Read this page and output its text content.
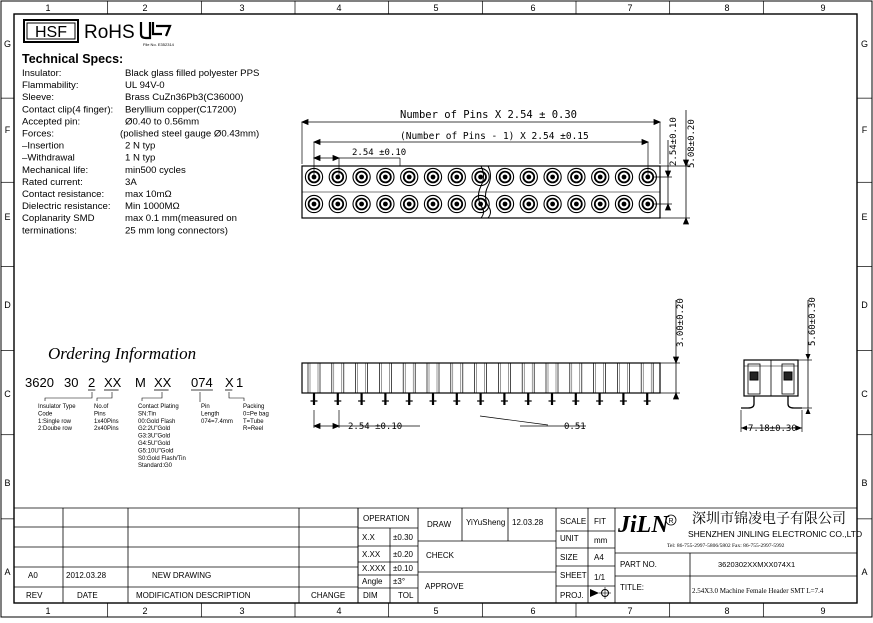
1
1
2
2
3
3
4
4
5
5
6
6
7
7
8
8
9
9
G	G
F	F
E	E
D	D
C	C
B	B
A	A
HSF RoHS
File No. E352314
Technical Specs:
Insulator:	Black glass filled polyester PPS
Flammability:	UL 94V-0
Sleeve:	Brass CuZn36Pb3(C36000)
Contact clip(4 finger): Beryllium copper(C17200)
Accepted pin:	Ø0.40 to 0.56mm
Forces:	(polished steel gauge Ø0.43mm)
–Insertion	2 N typ
–Withdrawal	1 N typ
Mechanical life:	min500 cycles
Rated current:	3A
Contact resistance: max 10mΩ
Dielectric resistance: Min 1000MΩ
Coplanarity SMD	max 0.1 mm(measured on
terminations:	25 mm long connectors)
Number of Pins X 2.54 ± 0.30
(Number of Pins - 1) X 2.54 ±0.15
2.54 ±0.10	2.54±0.10 5.08±0.20
3.00±0.20
2.54 ±0.10	0.51
5.60±0.30
7.18±0.30
Ordering Information
3620 30 2 XX M XX 074 X 1
Insulator Type
Code
1:Single row
2:Doube row
No.of
Pins
1x40Pins
2x40Pins
Contact Plating
SN:Tin
00:Gold Flash
G2:2U"Gold
G3:3U"Gold
G4:5U"Gold
G5:10U"Gold
S0:Gold Flash/Tin
Standard:G0
Pin
Length
074=7.4mm
Packing
0=Pe bag
T=Tube
R=Reel
OPERATION
X.X ±0.30
X.XX ±0.20
X.XXX ±0.10
Angle ±3°
DIM	TOL
DRAW
CHECK
APPROVE
YiYuSheng 12.03.28 SCALE FIT
UNIT mm
SIZE A4
SHEET 1/1
PROJ.
JiLN R 深圳市锦凌电子有限公司
SHENZHEN JINLING ELECTRONIC CO.,LTD
Tel: 86-755-2997-5806/5802 Fax: 86-755-2997-5992
PART NO.	3620302XXMXX074X1
TITLE:	2.54X3.0 Machine Female Header SMT L=7.4
A0	2012.03.28	NEW DRAWING
REV	DATE	MODIFICATION DESCRIPTION	CHANGE
